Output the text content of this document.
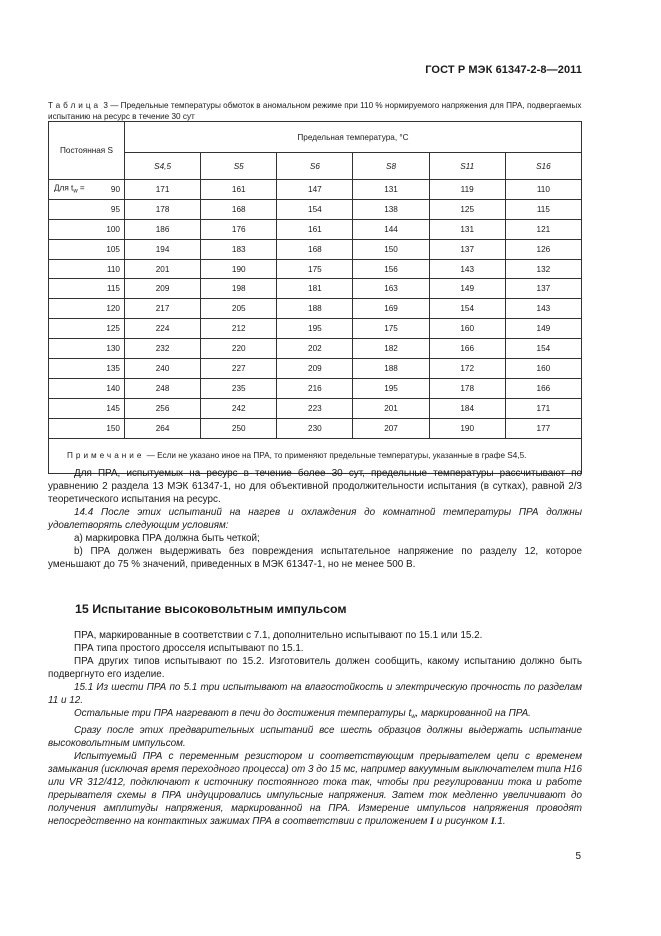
ГОСТ Р МЭК 61347-2-8—2011
Таблица 3 — Предельные температуры обмоток в аномальном режиме при 110 % нормируемого напряжения для ПРА, подвергаемых испытанию на ресурс в течение 30 сут
Постоянная S	Предельная температура, °С					
	S4,5	S5	S6	S8	S11	S16

Для $t_w = 90$	171	161	147	131	119	110
95	178	168	154	138	125	115
100	186	176	161	144	131	121
105	194	183	168	150	137	126
110	201	190	175	156	143	132
115	209	198	181	163	149	137
120	217	205	188	169	154	143
125	224	212	195	175	160	149
130	232	220	202	182	166	154
135	240	227	209	188	172	160
140	248	235	216	195	178	166
145	256	242	223	201	184	171
150	264	250	230	207	190	177
Примечание — Если не указано иное на ПРА, то применяют предельные температуры, указанные в графе S4,5.						

Для ПРА, испытуемых на ресурс в течение более 30 сут, предельные температуры рассчитывают по уравнению 2 раздела 13 МЭК 61347-1, но для объективной продолжительности испытания (в сутках), равной 2/3 теоретического испытания на ресурс.

14.4 После этих испытаний на нагрев и охлаждения до комнатной температуры ПРА должны удовлетворять следующим условиям:

а) маркировка ПРА должна быть четкой;

b) ПРА должен выдерживать без повреждения испытательное напряжение по разделу 12, которое уменьшают до 75 % значений, приведенных в МЭК 61347-1, но не менее 500 В.

15 Испытание высоковольтным импульсом

ПРА, маркированные в соответствии с 7.1, дополнительно испытывают по 15.1 или 15.2.

ПРА типа простого дросселя испытывают по 15.1.

ПРА других типов испытывают по 15.2. Изготовитель должен сообщить, какому испытанию должно быть подвергнуто его изделие.

15.1 Из шести ПРА по 5.1 три испытывают на влагостойкость и электрическую прочность по разделам 11 и 12.

Остальные три ПРА нагревают в печи до достижения температуры $t_w$, маркированной на ПРА.

Сразу после этих предварительных испытаний все шесть образцов должны выдержать испытание высоковольтным импульсом.

Испытуемый ПРА с переменным резистором и соответствующим прерывателем цепи с временем замыкания (исключая время переходного процесса) от 3 до 15 мс, например вакуумным выключателем типа H16 или VR 312/412, подключают к источнику постоянного тока так, чтобы при регулировании тока и работе прерывателя схемы в ПРА индуцировались импульсные напряжения. Затем ток медленно увеличивают до получения амплитуды напряжения, маркированной на ПРА. Измерение импульсов напряжения проводят непосредственно на контактных зажимах ПРА в соответствии с приложением I и рисунком I.1.

5
